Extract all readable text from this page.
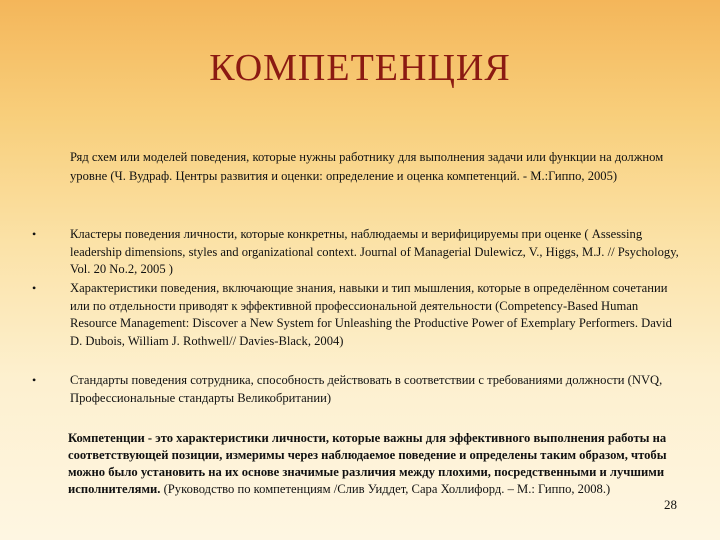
КОМПЕТЕНЦИЯ
Ряд схем или моделей поведения, которые нужны работнику для выполнения задачи или функции на должном уровне (Ч. Вудраф. Центры развития и оценки: определение и оценка компетенций. - М.:Гиппо, 2005)
•	Кластеры поведения личности, которые конкретны, наблюдаемы и верифицируемы при оценке ( Assessing leadership dimensions, styles and organizational context. Journal of Managerial Dulewicz, V., Higgs, M.J. // Psychology, Vol. 20 No.2, 2005 )
•	Характеристики поведения, включающие знания, навыки и тип мышления, которые в определённом сочетании или по отдельности приводят к эффективной профессиональной деятельности (Competency-Based Human Resource Management: Discover a New System for Unleashing the Productive Power of Exemplary Performers. David D. Dubois, William J. Rothwell// Davies-Black, 2004)
•	Стандарты поведения сотрудника, способность действовать в соответствии с требованиями должности (NVQ, Профессиональные стандарты Великобритании)
Компетенции - это характеристики личности, которые важны для эффективного выполнения работы на соответствующей позиции, измеримы через наблюдаемое поведение и определены таким образом, чтобы можно было установить на их основе значимые различия между плохими, посредственными и лучшими исполнителями. (Руководство по компетенциям /Слив Уиддет, Сара Холлифорд. – М.: Гиппо, 2008.)
28
